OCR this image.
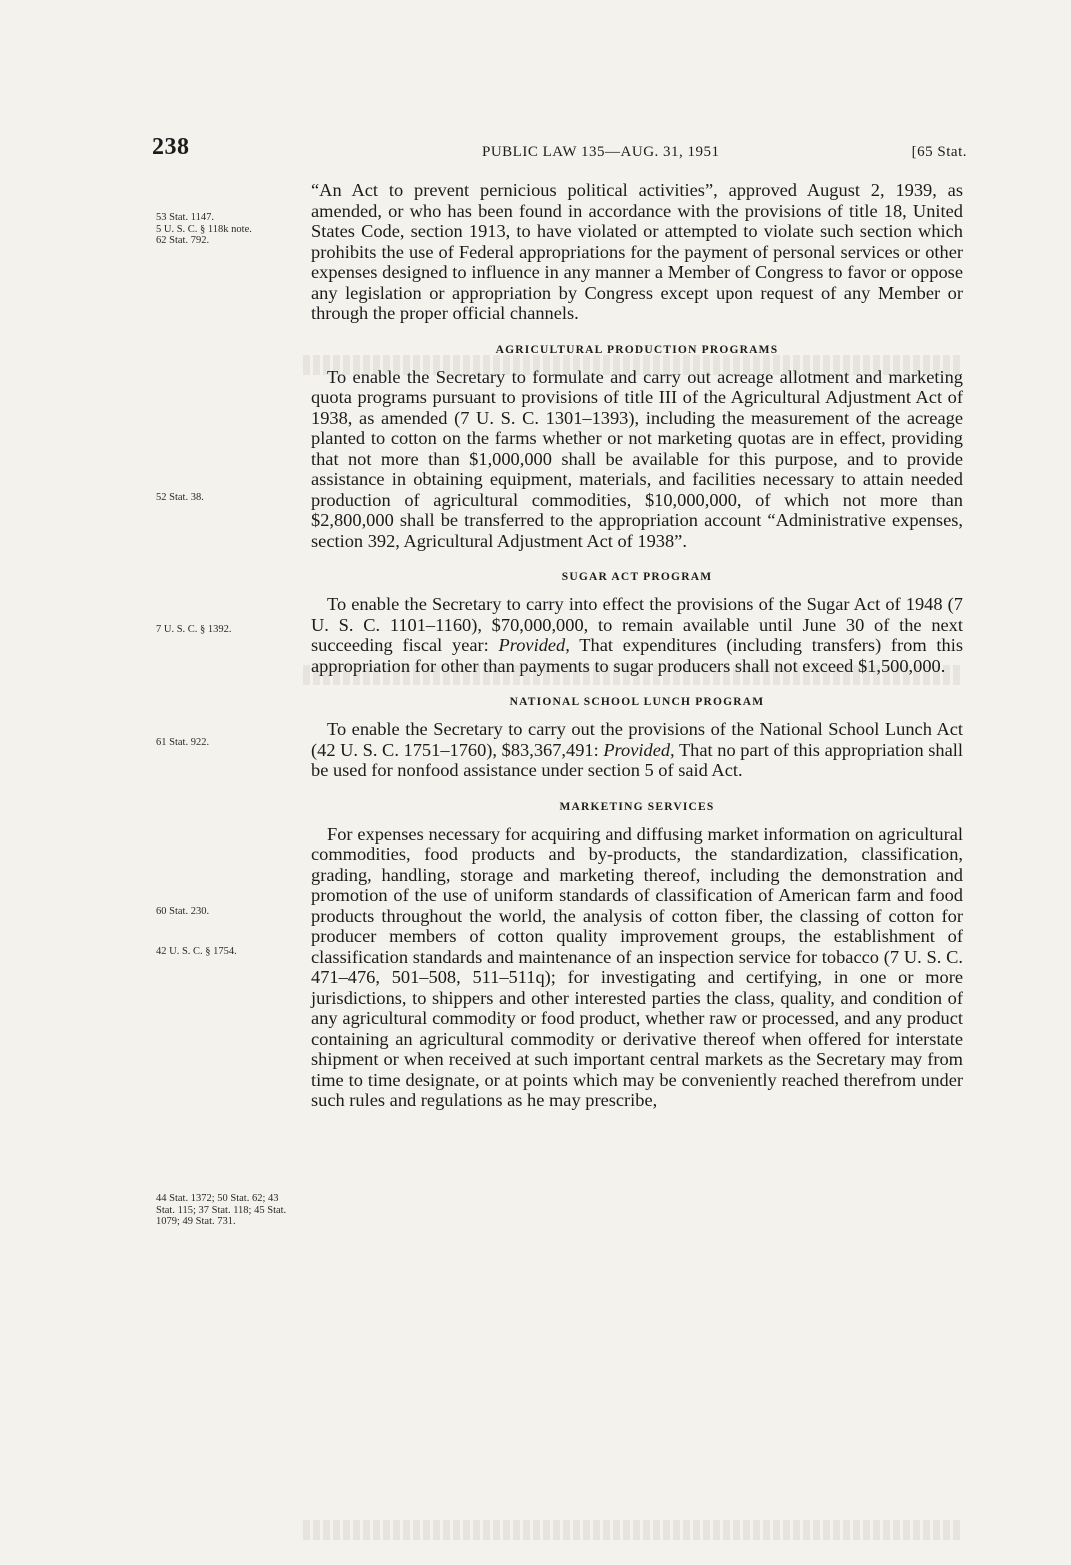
238	PUBLIC LAW 135—AUG. 31, 1951	[65 Stat.
53 Stat. 1147.
5 U. S. C. § 118k note.
62 Stat. 792.
52 Stat. 38.
7 U. S. C. § 1392.
61 Stat. 922.
60 Stat. 230.
42 U. S. C. § 1754.
44 Stat. 1372; 50 Stat. 62; 43 Stat. 115; 37 Stat. 118; 45 Stat. 1079; 49 Stat. 731.

“An Act to prevent pernicious political activities”, approved August 2, 1939, as amended, or who has been found in accordance with the provisions of title 18, United States Code, section 1913, to have violated or attempted to violate such section which prohibits the use of Federal appropriations for the payment of personal services or other expenses designed to influence in any manner a Member of Congress to favor or oppose any legislation or appropriation by Congress except upon request of any Member or through the proper official channels.

AGRICULTURAL PRODUCTION PROGRAMS

To enable the Secretary to formulate and carry out acreage allotment and marketing quota programs pursuant to provisions of title III of the Agricultural Adjustment Act of 1938, as amended (7 U. S. C. 1301–1393), including the measurement of the acreage planted to cotton on the farms whether or not marketing quotas are in effect, providing that not more than $1,000,000 shall be available for this purpose, and to provide assistance in obtaining equipment, materials, and facilities necessary to attain needed production of agricultural commodities, $10,000,000, of which not more than $2,800,000 shall be transferred to the appropriation account “Administrative expenses, section 392, Agricultural Adjustment Act of 1938”.

SUGAR ACT PROGRAM

To enable the Secretary to carry into effect the provisions of the Sugar Act of 1948 (7 U. S. C. 1101–1160), $70,000,000, to remain available until June 30 of the next succeeding fiscal year: Provided, That expenditures (including transfers) from this appropriation for other than payments to sugar producers shall not exceed $1,500,000.

NATIONAL SCHOOL LUNCH PROGRAM

To enable the Secretary to carry out the provisions of the National School Lunch Act (42 U. S. C. 1751–1760), $83,367,491: Provided, That no part of this appropriation shall be used for nonfood assistance under section 5 of said Act.

MARKETING SERVICES

For expenses necessary for acquiring and diffusing market information on agricultural commodities, food products and by-products, the standardization, classification, grading, handling, storage and marketing thereof, including the demonstration and promotion of the use of uniform standards of classification of American farm and food products throughout the world, the analysis of cotton fiber, the classing of cotton for producer members of cotton quality improvement groups, the establishment of classification standards and maintenance of an inspection service for tobacco (7 U. S. C. 471–476, 501–508, 511–511q); for investigating and certifying, in one or more jurisdictions, to shippers and other interested parties the class, quality, and condition of any agricultural commodity or food product, whether raw or processed, and any product containing an agricultural commodity or derivative thereof when offered for interstate shipment or when received at such important central markets as the Secretary may from time to time designate, or at points which may be conveniently reached therefrom under such rules and regulations as he may prescribe,
